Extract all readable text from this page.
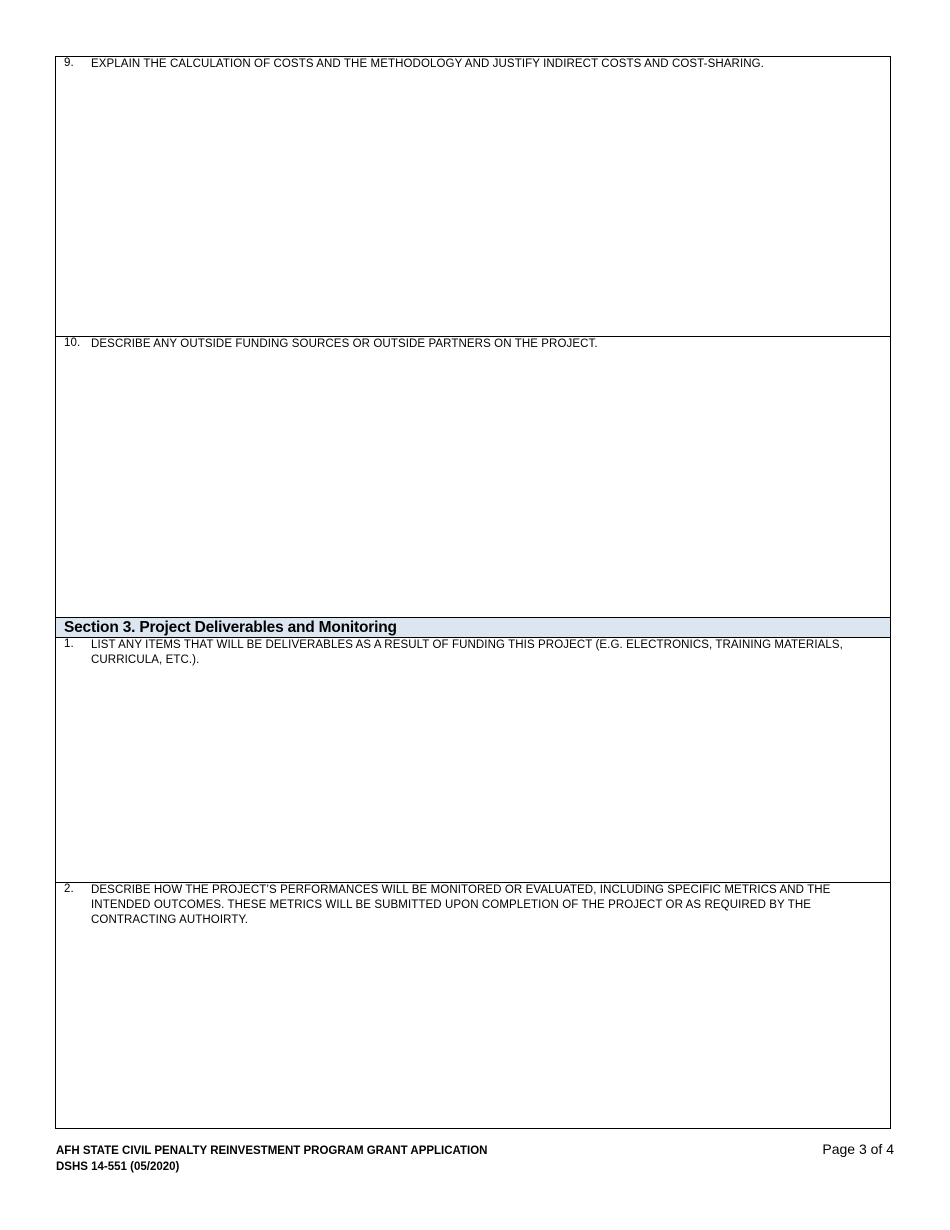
9. EXPLAIN THE CALCULATION OF COSTS AND THE METHODOLOGY AND JUSTIFY INDIRECT COSTS AND COST-SHARING.
10. DESCRIBE ANY OUTSIDE FUNDING SOURCES OR OUTSIDE PARTNERS ON THE PROJECT.
Section 3. Project Deliverables and Monitoring
1. LIST ANY ITEMS THAT WILL BE DELIVERABLES AS A RESULT OF FUNDING THIS PROJECT (E.G. ELECTRONICS, TRAINING MATERIALS, CURRICULA, ETC.).
2. DESCRIBE HOW THE PROJECT’S PERFORMANCES WILL BE MONITORED OR EVALUATED, INCLUDING SPECIFIC METRICS AND THE INTENDED OUTCOMES. THESE METRICS WILL BE SUBMITTED UPON COMPLETION OF THE PROJECT OR AS REQUIRED BY THE CONTRACTING AUTHOIRTY.
AFH STATE CIVIL PENALTY REINVESTMENT PROGRAM GRANT APPLICATION
DSHS 14-551 (05/2020)
Page 3 of 4
